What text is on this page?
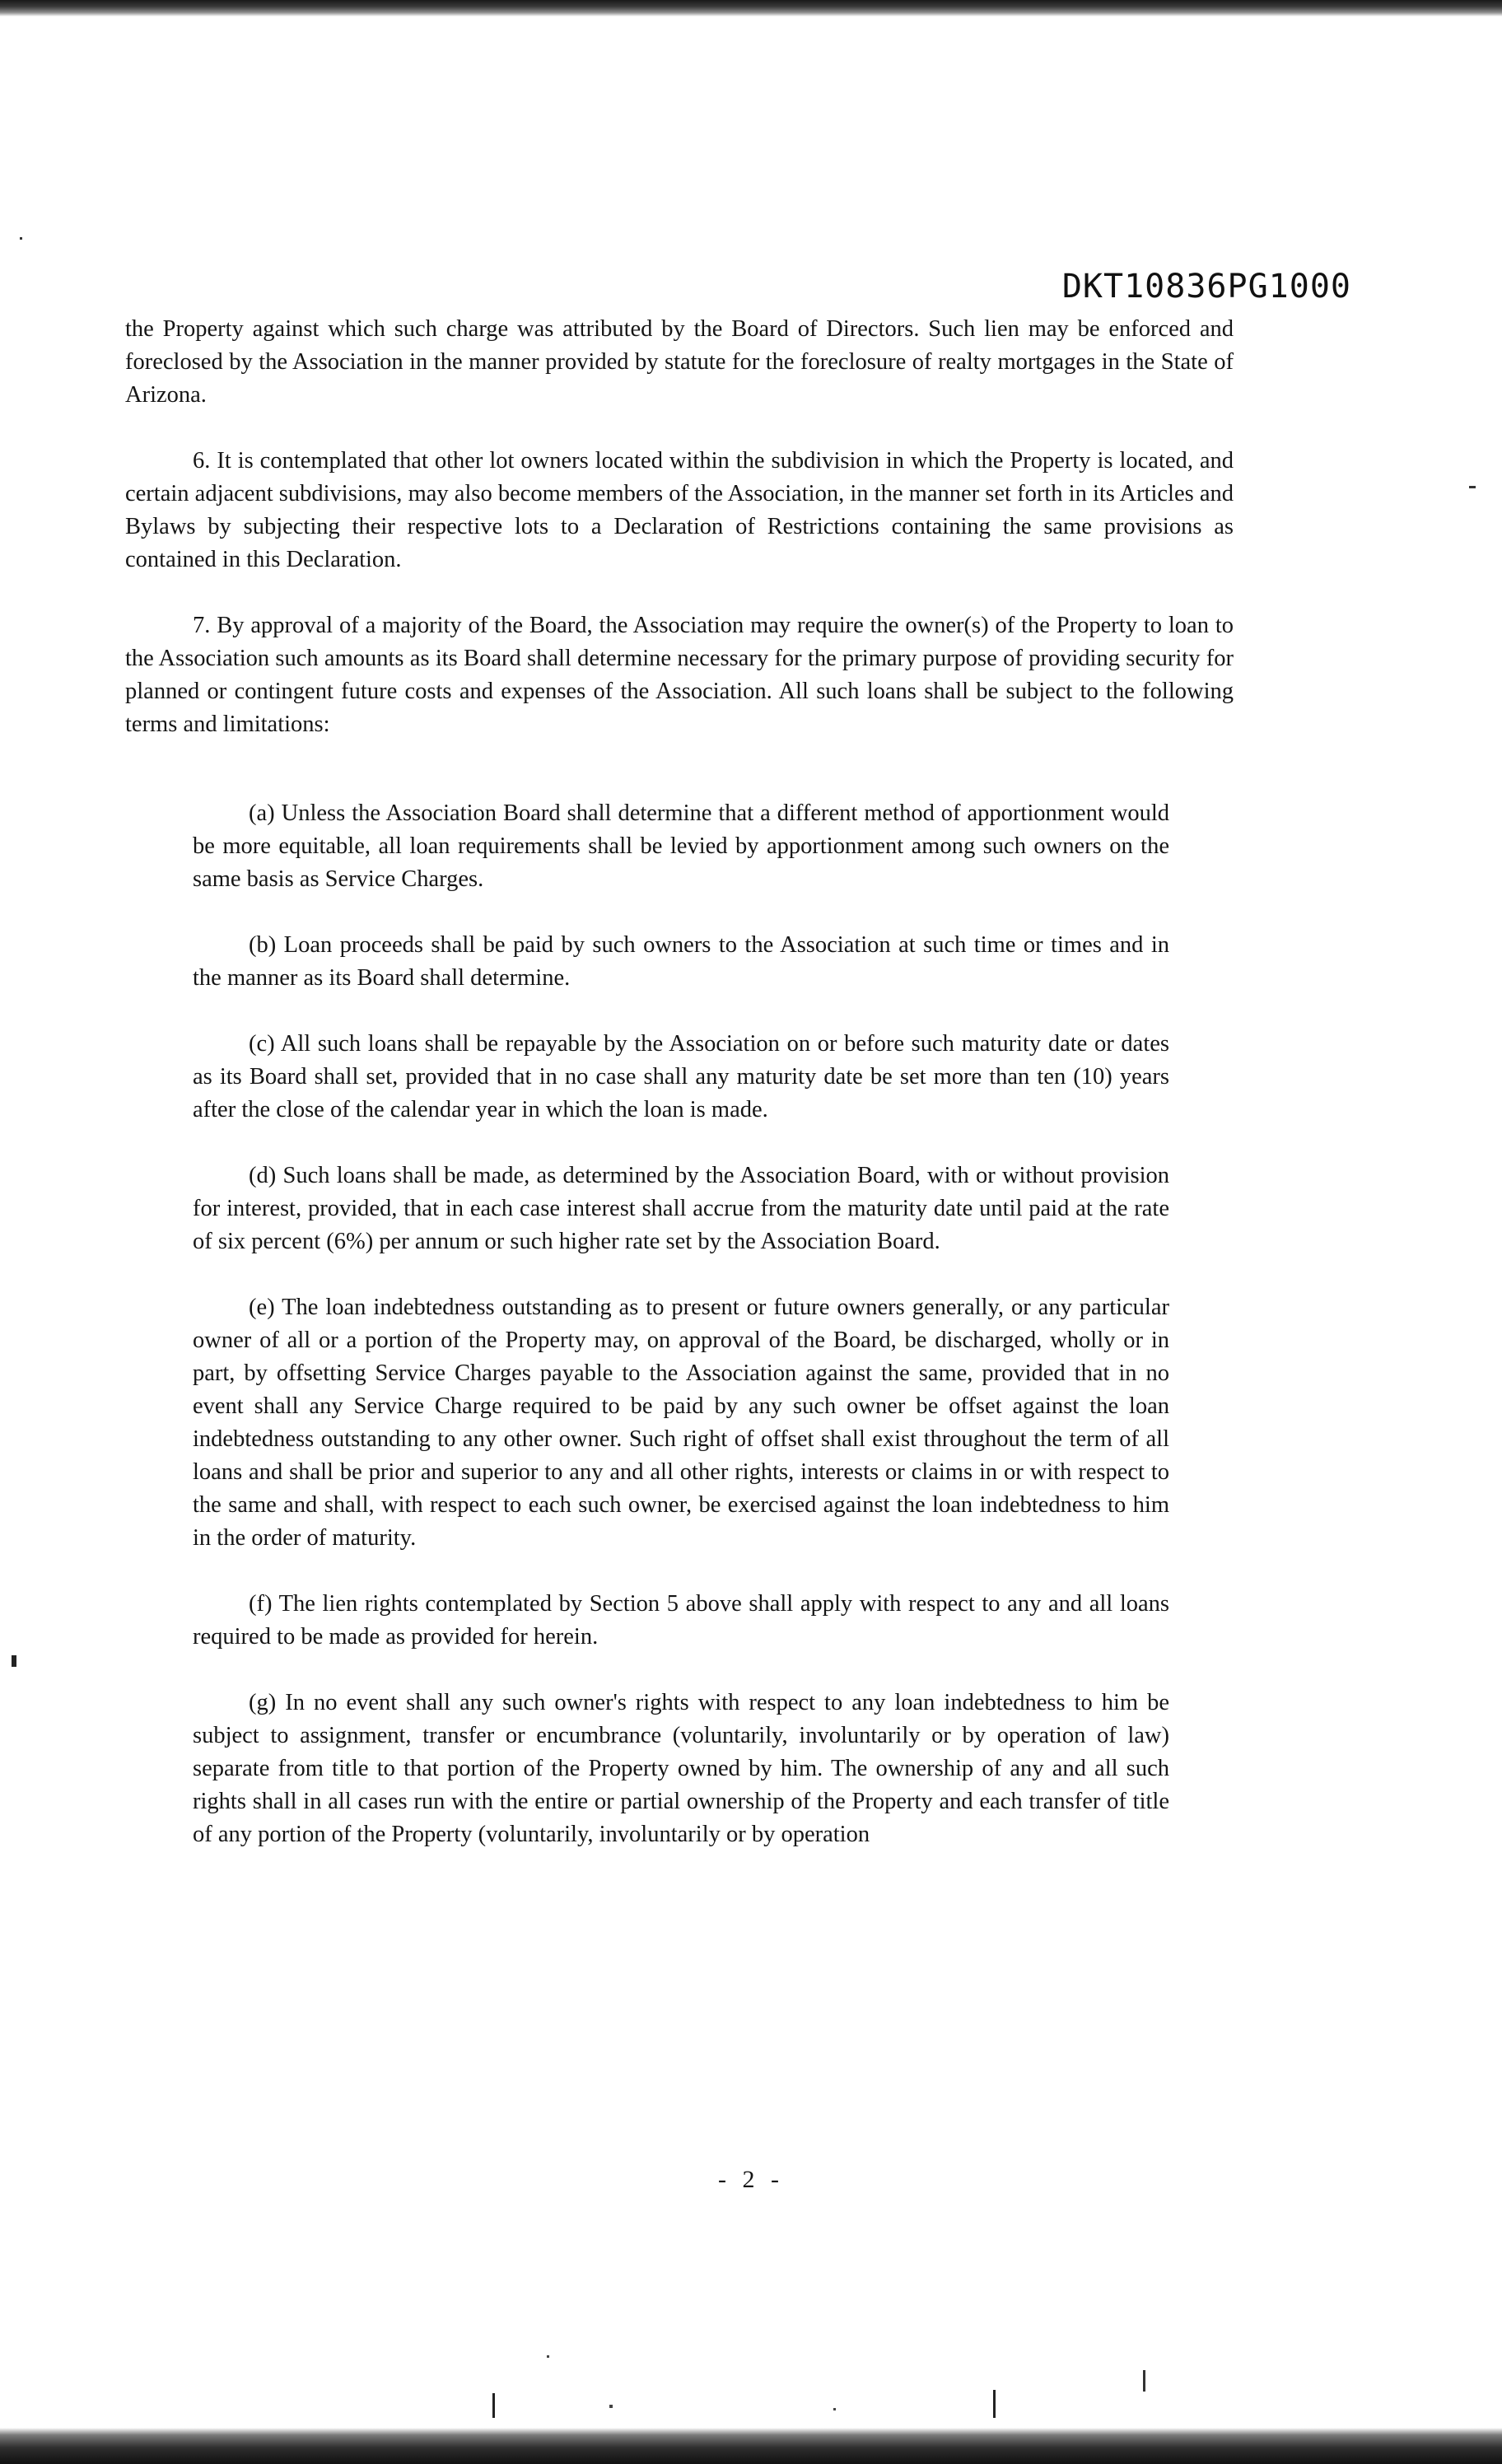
DKT10836PG1000

the Property against which such charge was attributed by the Board of Directors. Such lien may be enforced and foreclosed by the Association in the manner provided by statute for the foreclosure of realty mortgages in the State of Arizona.

6. It is contemplated that other lot owners located within the subdivision in which the Property is located, and certain adjacent subdivisions, may also become members of the Association, in the manner set forth in its Articles and Bylaws by subjecting their respective lots to a Declaration of Restrictions containing the same provisions as contained in this Declaration.

7. By approval of a majority of the Board, the Association may require the owner(s) of the Property to loan to the Association such amounts as its Board shall determine necessary for the primary purpose of providing security for planned or contingent future costs and expenses of the Association. All such loans shall be subject to the following terms and limitations:

(a) Unless the Association Board shall determine that a different method of apportionment would be more equitable, all loan requirements shall be levied by apportionment among such owners on the same basis as Service Charges.

(b) Loan proceeds shall be paid by such owners to the Association at such time or times and in the manner as its Board shall determine.

(c) All such loans shall be repayable by the Association on or before such maturity date or dates as its Board shall set, provided that in no case shall any maturity date be set more than ten (10) years after the close of the calendar year in which the loan is made.

(d) Such loans shall be made, as determined by the Association Board, with or without provision for interest, provided, that in each case interest shall accrue from the maturity date until paid at the rate of six percent (6%) per annum or such higher rate set by the Association Board.

(e) The loan indebtedness outstanding as to present or future owners generally, or any particular owner of all or a portion of the Property may, on approval of the Board, be discharged, wholly or in part, by offsetting Service Charges payable to the Association against the same, provided that in no event shall any Service Charge required to be paid by any such owner be offset against the loan indebtedness outstanding to any other owner. Such right of offset shall exist throughout the term of all loans and shall be prior and superior to any and all other rights, interests or claims in or with respect to the same and shall, with respect to each such owner, be exercised against the loan indebtedness to him in the order of maturity.

(f) The lien rights contemplated by Section 5 above shall apply with respect to any and all loans required to be made as provided for herein.

(g) In no event shall any such owner's rights with respect to any loan indebtedness to him be subject to assignment, transfer or encumbrance (voluntarily, involuntarily or by operation of law) separate from title to that portion of the Property owned by him. The ownership of any and all such rights shall in all cases run with the entire or partial ownership of the Property and each transfer of title of any portion of the Property (voluntarily, involuntarily or by operation

- 2 -
